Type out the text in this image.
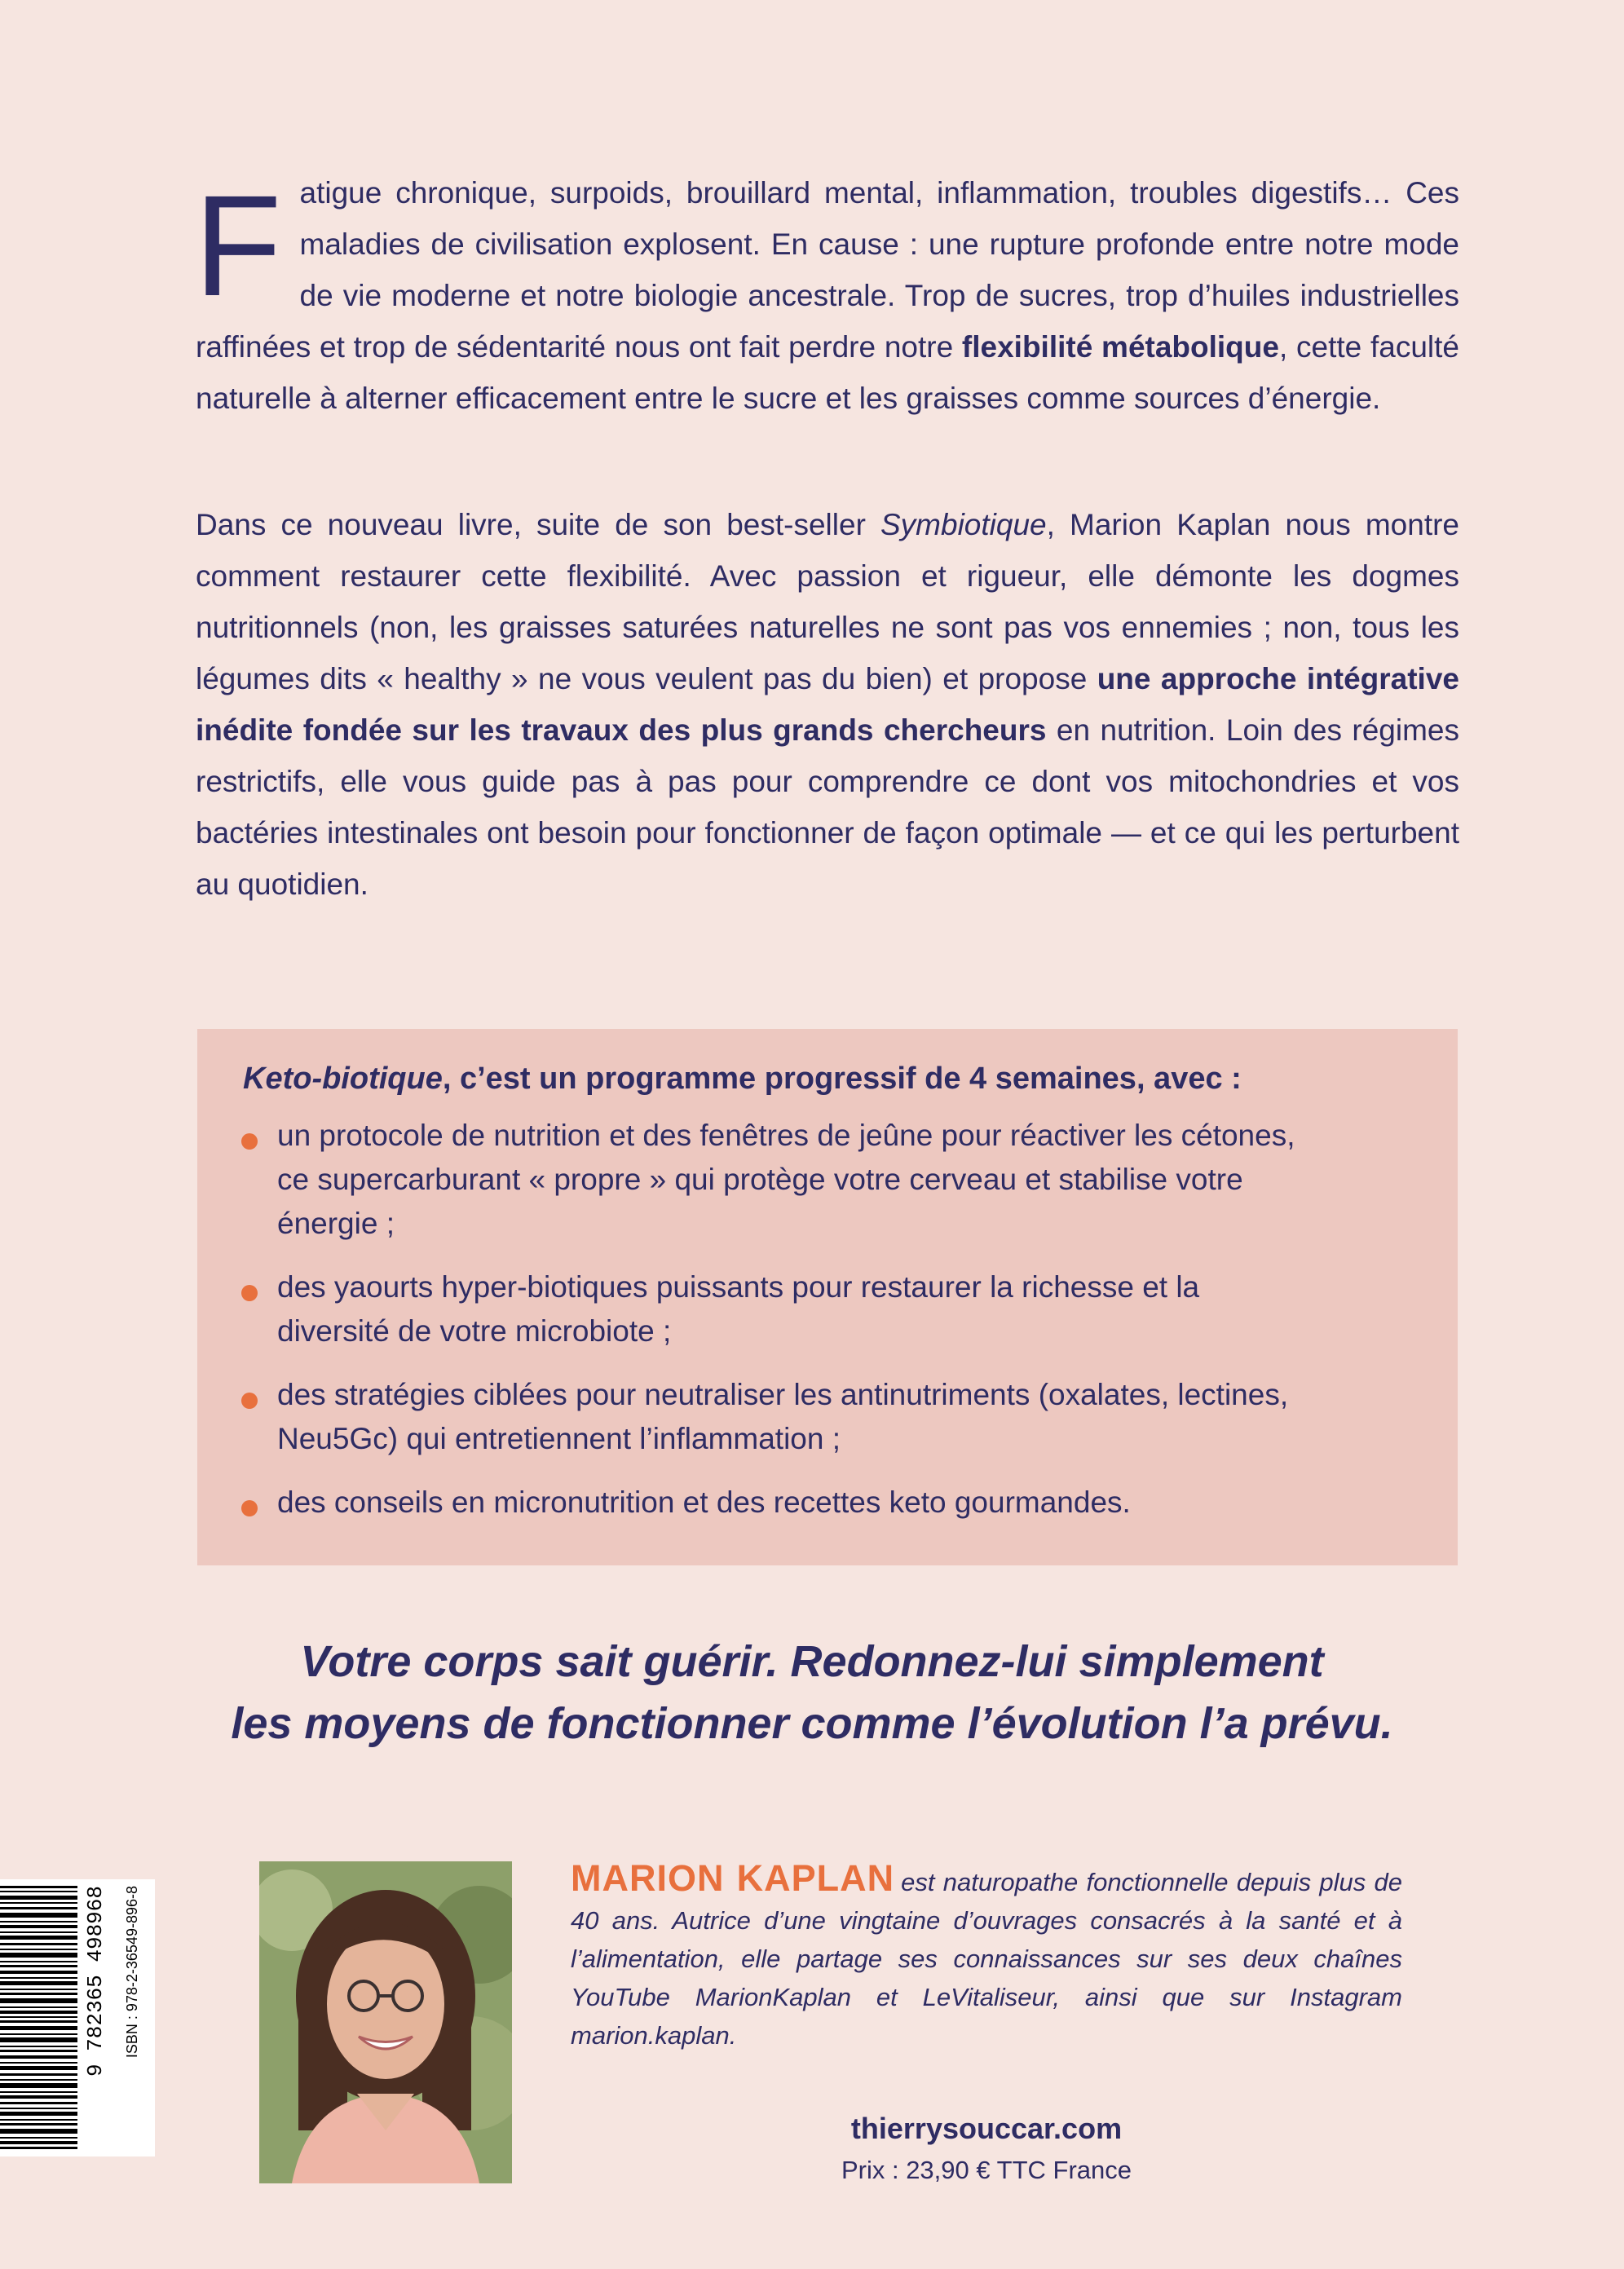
Fatigue chronique, surpoids, brouillard mental, inflammation, troubles digestifs… Ces maladies de civilisation explosent. En cause : une rupture profonde entre notre mode de vie moderne et notre biologie ancestrale. Trop de sucres, trop d’huiles industrielles raffinées et trop de sédentarité nous ont fait perdre notre flexibilité métabolique, cette faculté naturelle à alterner efficacement entre le sucre et les graisses comme sources d’énergie.

Dans ce nouveau livre, suite de son best-seller Symbiotique, Marion Kaplan nous montre comment restaurer cette flexibilité. Avec passion et rigueur, elle démonte les dogmes nutritionnels (non, les graisses saturées naturelles ne sont pas vos ennemies ; non, tous les légumes dits « healthy » ne vous veulent pas du bien) et propose une approche intégrative inédite fondée sur les travaux des plus grands chercheurs en nutrition. Loin des régimes restrictifs, elle vous guide pas à pas pour comprendre ce dont vos mitochondries et vos bactéries intestinales ont besoin pour fonctionner de façon optimale — et ce qui les perturbent au quotidien.

Keto-biotique, c’est un programme progressif de 4 semaines, avec :
un protocole de nutrition et des fenêtres de jeûne pour réactiver les cétones, ce supercarburant « propre » qui protège votre cerveau et stabilise votre énergie ;
des yaourts hyper-biotiques puissants pour restaurer la richesse et la diversité de votre microbiote ;
des stratégies ciblées pour neutraliser les antinutriments (oxalates, lectines, Neu5Gc) qui entretiennent l’inflammation ;
des conseils en micronutrition et des recettes keto gourmandes.
Votre corps sait guérir. Redonnez-lui simplement
les moyens de fonctionner comme l’évolution l’a prévu.
9 782365 498968 ISBN : 978-2-36549-896-8
MARION KAPLAN est naturopathe fonctionnelle depuis plus de 40 ans. Autrice d’une vingtaine d’ouvrages consacrés à la santé et à l’alimentation, elle partage ses connaissances sur ses deux chaînes YouTube MarionKaplan et LeVitaliseur, ainsi que sur Instagram marion.kaplan.
thierrysouccar.com
Prix : 23,90 € TTC France
